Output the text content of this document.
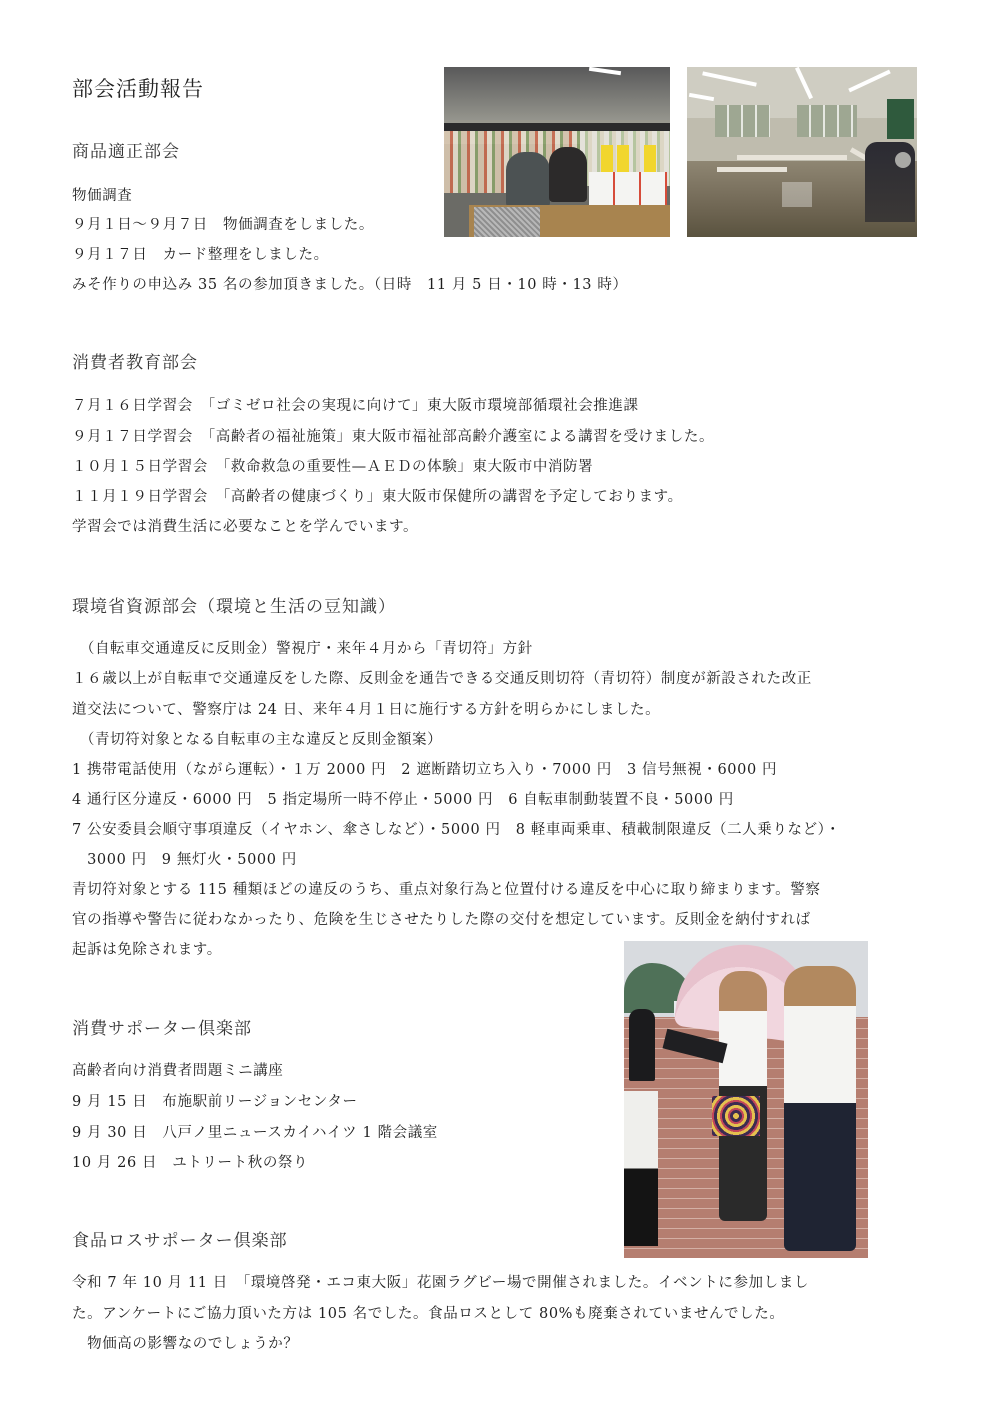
部会活動報告
商品適正部会
物価調査
９月１日〜９月７日　物価調査をしました。
９月１７日　カード整理をしました。
みそ作りの申込み 35 名の参加頂きました。（日時　11 月 5 日・10 時・13 時）
消費者教育部会
７月１６日学習会　「ゴミゼロ社会の実現に向けて」東大阪市環境部循環社会推進課
９月１７日学習会　「高齢者の福祉施策」東大阪市福祉部高齢介護室による講習を受けました。
１０月１５日学習会　「救命救急の重要性—ＡＥＤの体験」東大阪市中消防署
１１月１９日学習会　「高齢者の健康づくり」東大阪市保健所の講習を予定しております。
学習会では消費生活に必要なことを学んでいます。
環境省資源部会（環境と生活の豆知識）
　（自転車交通違反に反則金）警視庁・来年４月から「青切符」方針
１６歳以上が自転車で交通違反をした際、反則金を通告できる交通反則切符（青切符）制度が新設された改正
道交法について、警察庁は 24 日、来年４月１日に施行する方針を明らかにしました。
　（青切符対象となる自転車の主な違反と反則金額案）
1 携帯電話使用（ながら運転）・１万 2000 円　2 遮断踏切立ち入り・7000 円　3 信号無視・6000 円
4 通行区分違反・6000 円　5 指定場所一時不停止・5000 円　6 自転車制動装置不良・5000 円
7 公安委員会順守事項違反（イヤホン、傘さしなど）・5000 円　8 軽車両乗車、積載制限違反（二人乗りなど）・
　3000 円　9 無灯火・5000 円
青切符対象とする 115 種類ほどの違反のうち、重点対象行為と位置付ける違反を中心に取り締まります。警察
官の指導や警告に従わなかったり、危険を生じさせたりした際の交付を想定しています。反則金を納付すれば
起訴は免除されます。
消費サポーター倶楽部
高齢者向け消費者問題ミニ講座
9 月 15 日　布施駅前リージョンセンター
9 月 30 日　八戸ノ里ニュースカイハイツ 1 階会議室
10 月 26 日　ユトリート秋の祭り
食品ロスサポーター倶楽部
令和 7 年 10 月 11 日　「環境啓発・エコ東大阪」花園ラグビー場で開催されました。イベントに参加しまし
た。アンケートにご協力頂いた方は 105 名でした。食品ロスとして 80%も廃棄されていませんでした。
　物価高の影響なのでしょうか？
